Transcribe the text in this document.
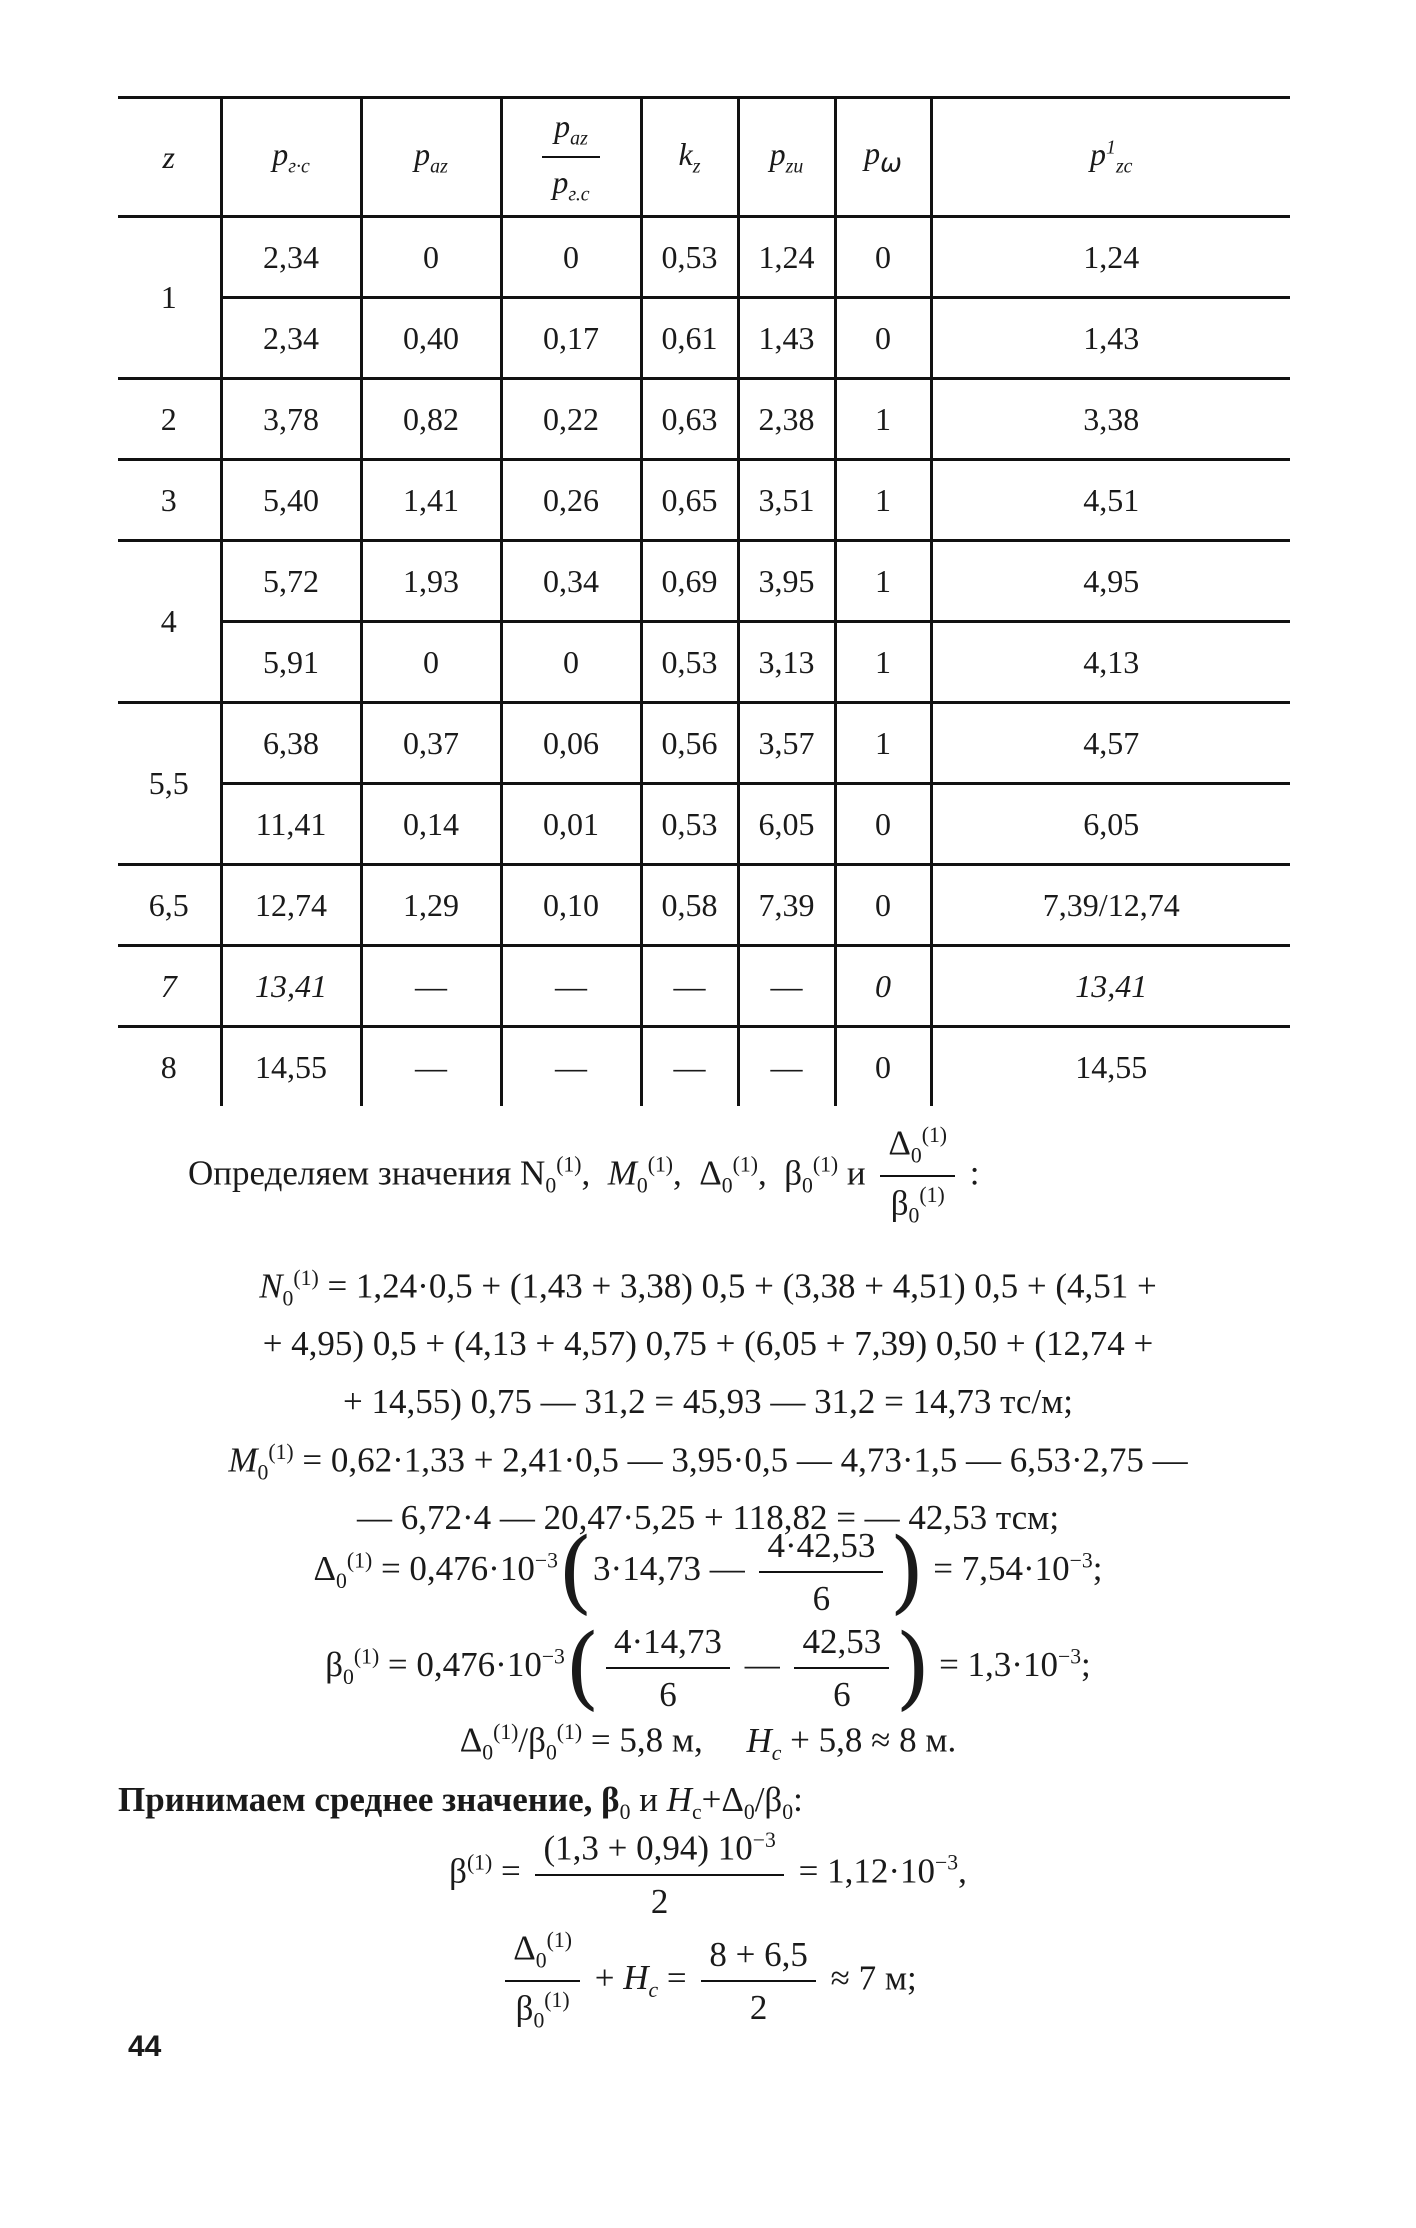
z	$p_{г\cdot с}$	$p_{az}$	$\frac{p_{az}}{p_{г.с}}$	$k_z$	$p_{zu}$	$p_\omega$	$p^1_{zc}$
1	2,34	0	0	0,53	1,24	0	1,24
	2,34	0,40	0,17	0,61	1,43	0	1,43
2	3,78	0,82	0,22	0,63	2,38	1	3,38
3	5,40	1,41	0,26	0,65	3,51	1	4,51
4	5,72	1,93	0,34	0,69	3,95	1	4,95
	5,91	0	0	0,53	3,13	1	4,13
5,5	6,38	0,37	0,06	0,56	3,57	1	4,57
	11,41	0,14	0,01	0,53	6,05	0	6,05
6,5	12,74	1,29	0,10	0,58	7,39	0	7,39/12,74
7	13,41	—	—	—	—	0	13,41
8	14,55	—	—	—	—	0	14,55
Определяем значения $N_0^{(1)}$,  $M_0^{(1)}$,  $\Delta_0^{(1)}$,  $\beta_0^{(1)}$ и $\frac{\Delta_0^{(1)}}{\beta_0^{(1)}}$ :
$N_0^{(1)} = 1,24\cdot 0,5 + (1,43 + 3,38) 0,5 + (3,38 + 4,51) 0,5 + (4,51$ +
+ 4,95) 0,5 + (4,13 + 4,57) 0,75 + (6,05 + 7,39) 0,50 + (12,74 +
+ 14,55) 0,75 — 31,2 = 45,93 — 31,2 = 14,73 тс/м;
$M_0^{(1)} = 0,62\cdot 1,33 + 2,41\cdot 0,5$ — 3,95·0,5 — 4,73·1,5 — 6,53·2,75 —
— 6,72·4 — 20,47·5,25 + 118,82 = — 42,53 тсм;
$\Delta_0^{(1)} = 0,476\cdot 10^{-3}(3\cdot 14,73$ — $\frac{4\cdot 42,53}{6}$ ) = $7,54\cdot 10^{-3}$;
$\beta_0^{(1)} = 0,476\cdot 10^{-3}( \frac{4\cdot 14,73}{6}$ — $\frac{42,53}{6}$ ) = $1,3\cdot 10^{-3}$;
$\Delta_0^{(1)}/\beta_0^{(1)} = 5,8$ м, $H_c + 5,8 \approx 8$ м.
Принимаем среднее значение, $\beta_0$ и $H_c+\Delta_0/\beta_0$:
$\beta^{(1)} = \frac{(1,3 + 0,94) 10^{-3}}{2} = 1,12\cdot 10^{-3}$,
$\frac{\Delta_0^{(1)}}{\beta_0^{(1)}} + H_c = \frac{8 + 6,5}{2} \approx 7$ м;
44
